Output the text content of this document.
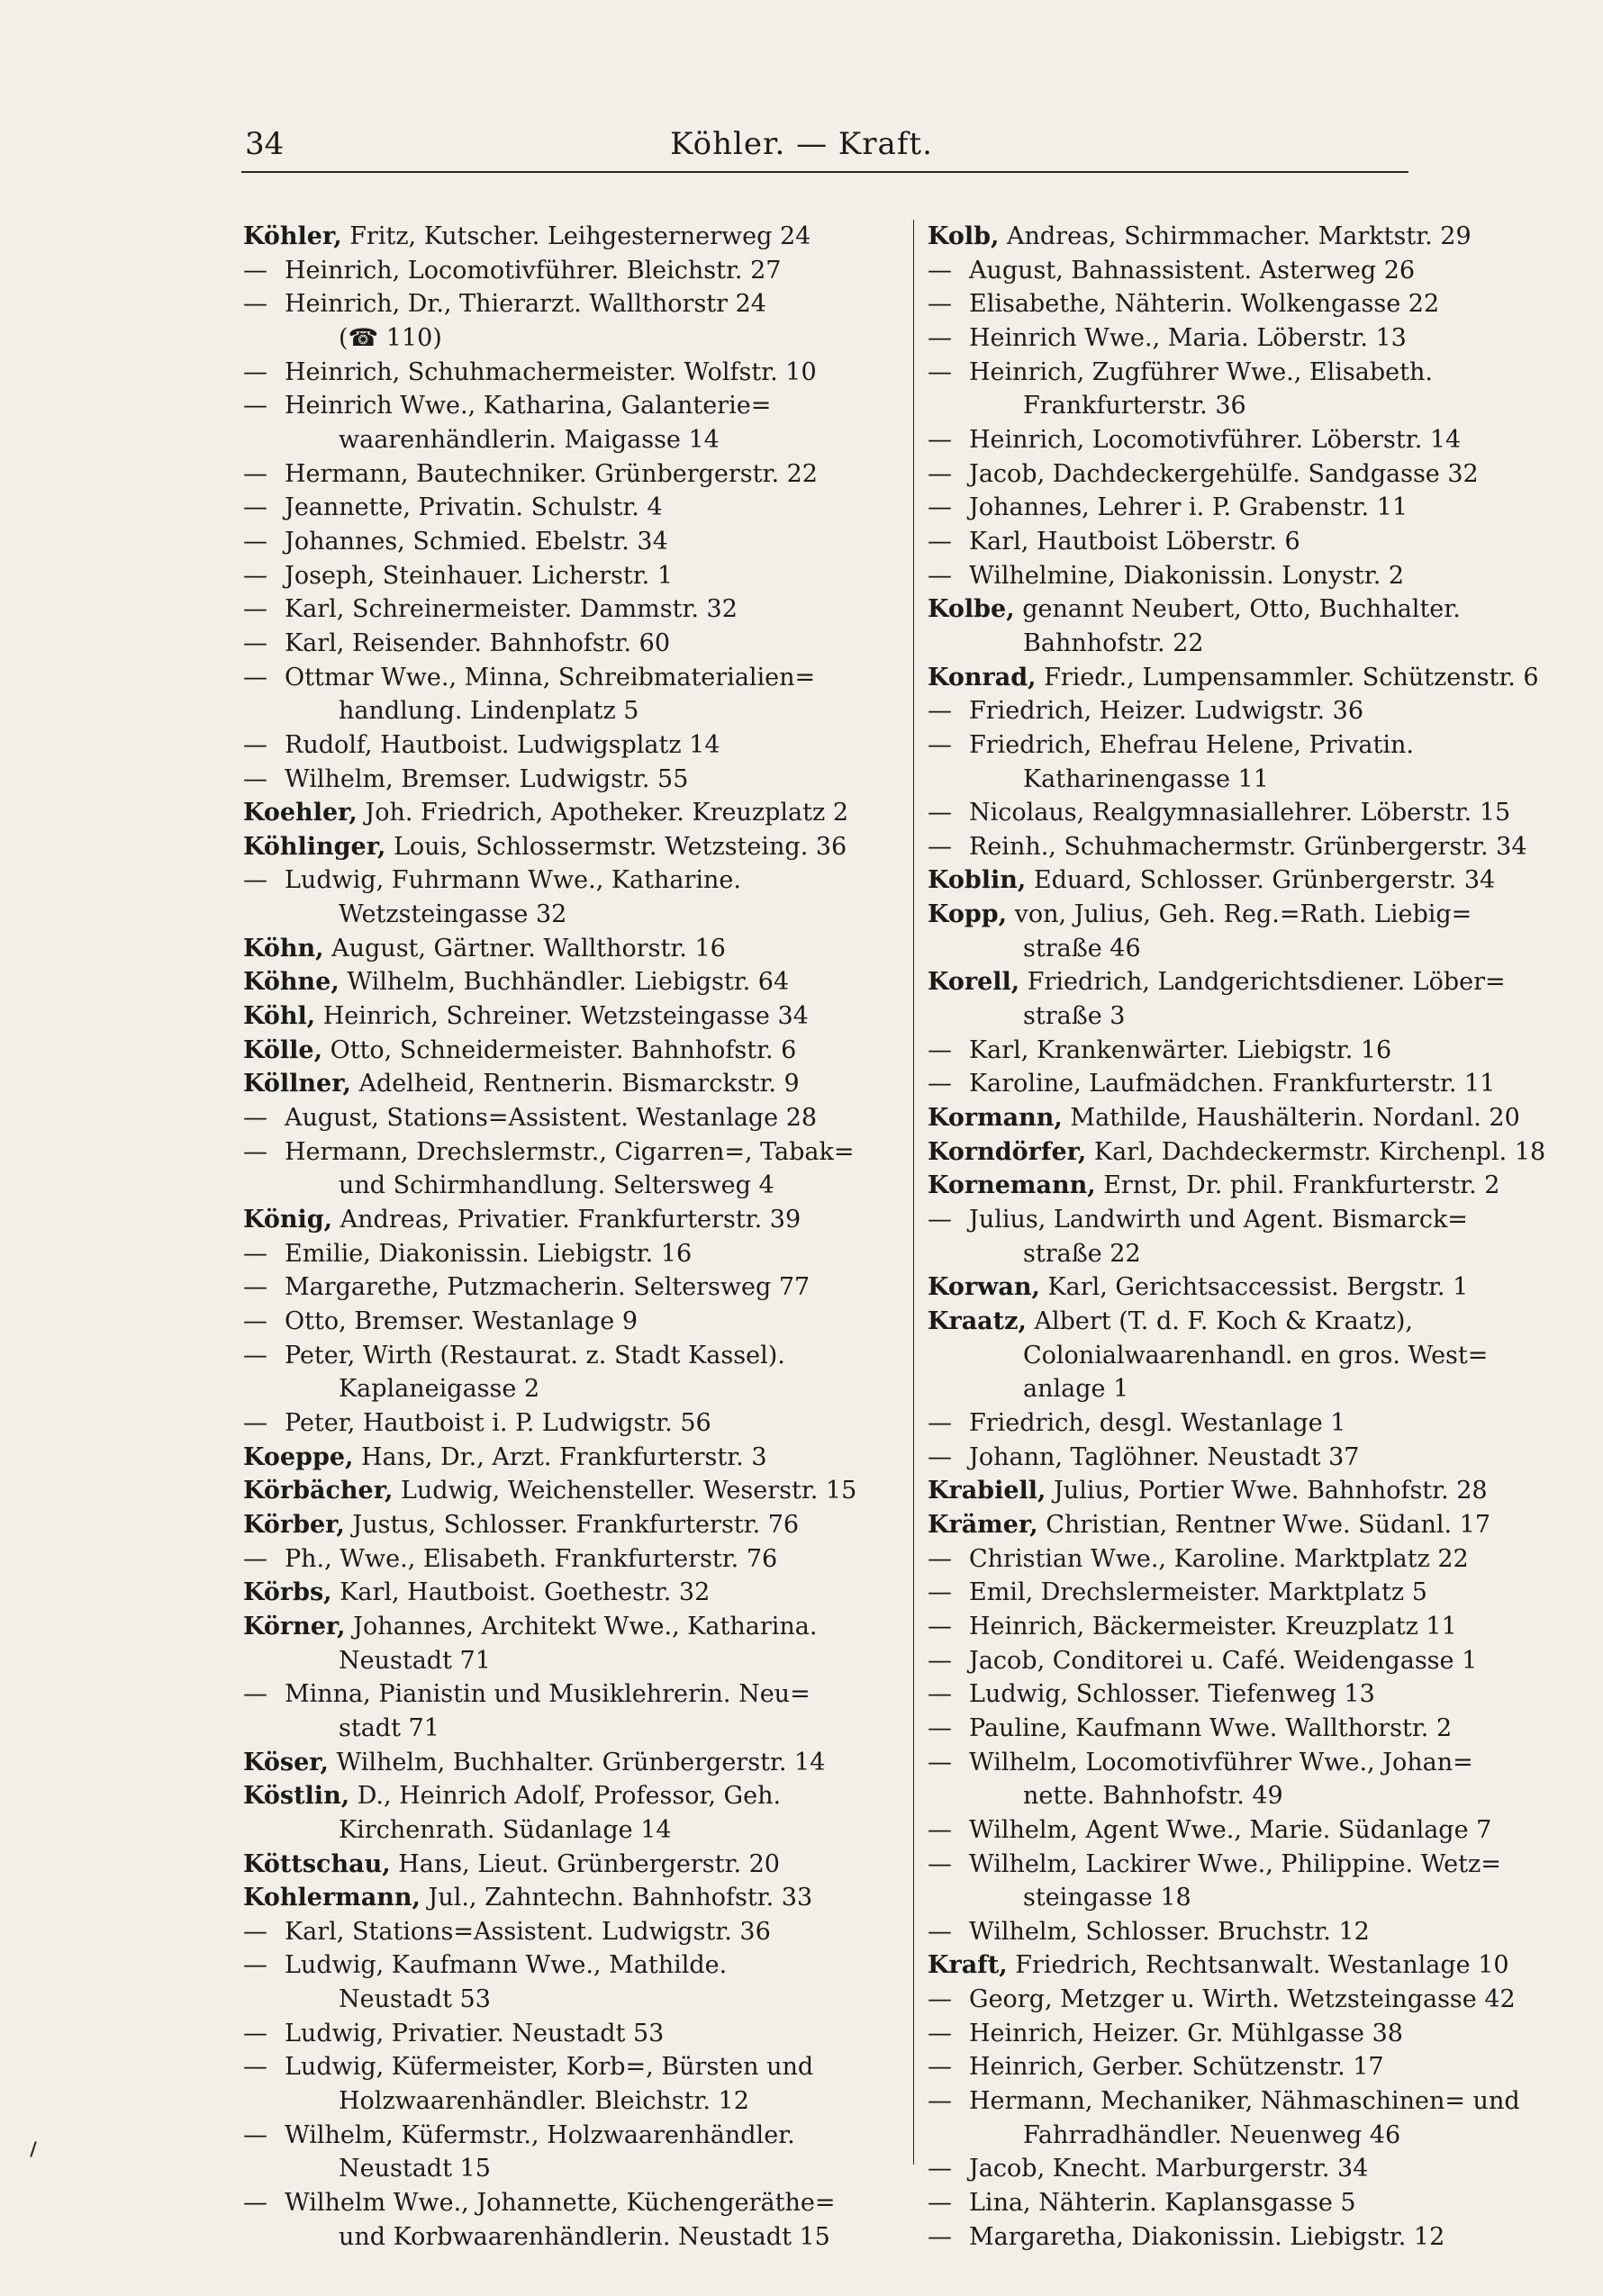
34	Köhler. — Kraft.
Köhler, Fritz, Kutscher. Leihgesternerweg 24
— Heinrich, Locomotivführer. Bleichstr. 27
— Heinrich, Dr., Thierarzt. Wallthorstr 24
(☎ 110)
— Heinrich, Schuhmachermeister. Wolfstr. 10
— Heinrich Wwe., Katharina, Galanterie=
waarenhändlerin. Maigasse 14
— Hermann, Bautechniker. Grünbergerstr. 22
— Jeannette, Privatin. Schulstr. 4
— Johannes, Schmied. Ebelstr. 34
— Joseph, Steinhauer. Licherstr. 1
— Karl, Schreinermeister. Dammstr. 32
— Karl, Reisender. Bahnhofstr. 60
— Ottmar Wwe., Minna, Schreibmaterialien=
handlung. Lindenplatz 5
— Rudolf, Hautboist. Ludwigsplatz 14
— Wilhelm, Bremser. Ludwigstr. 55
Koehler, Joh. Friedrich, Apotheker. Kreuzplatz 2
Köhlinger, Louis, Schlossermstr. Wetzsteing. 36
— Ludwig, Fuhrmann Wwe., Katharine.
Wetzsteingasse 32
Köhn, August, Gärtner. Wallthorstr. 16
Köhne, Wilhelm, Buchhändler. Liebigstr. 64
Köhl, Heinrich, Schreiner. Wetzsteingasse 34
Kölle, Otto, Schneidermeister. Bahnhofstr. 6
Köllner, Adelheid, Rentnerin. Bismarckstr. 9
— August, Stations=Assistent. Westanlage 28
— Hermann, Drechslermstr., Cigarren=, Tabak=
und Schirmhandlung. Seltersweg 4
König, Andreas, Privatier. Frankfurterstr. 39
— Emilie, Diakonissin. Liebigstr. 16
— Margarethe, Putzmacherin. Seltersweg 77
— Otto, Bremser. Westanlage 9
— Peter, Wirth (Restaurat. z. Stadt Kassel).
Kaplaneigasse 2
— Peter, Hautboist i. P. Ludwigstr. 56
Koeppe, Hans, Dr., Arzt. Frankfurterstr. 3
Körbächer, Ludwig, Weichensteller. Weserstr. 15
Körber, Justus, Schlosser. Frankfurterstr. 76
— Ph., Wwe., Elisabeth. Frankfurterstr. 76
Körbs, Karl, Hautboist. Goethestr. 32
Körner, Johannes, Architekt Wwe., Katharina.
Neustadt 71
— Minna, Pianistin und Musiklehrerin. Neu=
stadt 71
Köser, Wilhelm, Buchhalter. Grünbergerstr. 14
Köstlin, D., Heinrich Adolf, Professor, Geh.
Kirchenrath. Südanlage 14
Köttschau, Hans, Lieut. Grünbergerstr. 20
Kohlermann, Jul., Zahntechn. Bahnhofstr. 33
— Karl, Stations=Assistent. Ludwigstr. 36
— Ludwig, Kaufmann Wwe., Mathilde.
Neustadt 53
— Ludwig, Privatier. Neustadt 53
— Ludwig, Küfermeister, Korb=, Bürsten und
Holzwaarenhändler. Bleichstr. 12
— Wilhelm, Küfermstr., Holzwaarenhändler.
Neustadt 15
— Wilhelm Wwe., Johannette, Küchengeräthe=
und Korbwaarenhändlerin. Neustadt 15
Kolb, Andreas, Schirmmacher. Marktstr. 29
— August, Bahnassistent. Asterweg 26
— Elisabethe, Nähterin. Wolkengasse 22
— Heinrich Wwe., Maria. Löberstr. 13
— Heinrich, Zugführer Wwe., Elisabeth.
Frankfurterstr. 36
— Heinrich, Locomotivführer. Löberstr. 14
— Jacob, Dachdeckergehülfe. Sandgasse 32
— Johannes, Lehrer i. P. Grabenstr. 11
— Karl, Hautboist Löberstr. 6
— Wilhelmine, Diakonissin. Lonystr. 2
Kolbe, genannt Neubert, Otto, Buchhalter.
Bahnhofstr. 22
Konrad, Friedr., Lumpensammler. Schützenstr. 6
— Friedrich, Heizer. Ludwigstr. 36
— Friedrich, Ehefrau Helene, Privatin.
Katharinengasse 11
— Nicolaus, Realgymnasiallehrer. Löberstr. 15
— Reinh., Schuhmachermstr. Grünbergerstr. 34
Koblin, Eduard, Schlosser. Grünbergerstr. 34
Kopp, von, Julius, Geh. Reg.=Rath. Liebig=
straße 46
Korell, Friedrich, Landgerichtsdiener. Löber=
straße 3
— Karl, Krankenwärter. Liebigstr. 16
— Karoline, Laufmädchen. Frankfurterstr. 11
Kormann, Mathilde, Haushälterin. Nordanl. 20
Korndörfer, Karl, Dachdeckermstr. Kirchenpl. 18
Kornemann, Ernst, Dr. phil. Frankfurterstr. 2
— Julius, Landwirth und Agent. Bismarck=
straße 22
Korwan, Karl, Gerichtsaccessist. Bergstr. 1
Kraatz, Albert (T. d. F. Koch & Kraatz),
Colonialwaarenhandl. en gros. West=
anlage 1
— Friedrich, desgl. Westanlage 1
— Johann, Taglöhner. Neustadt 37
Krabiell, Julius, Portier Wwe. Bahnhofstr. 28
Krämer, Christian, Rentner Wwe. Südanl. 17
— Christian Wwe., Karoline. Marktplatz 22
— Emil, Drechslermeister. Marktplatz 5
— Heinrich, Bäckermeister. Kreuzplatz 11
— Jacob, Conditorei u. Café. Weidengasse 1
— Ludwig, Schlosser. Tiefenweg 13
— Pauline, Kaufmann Wwe. Wallthorstr. 2
— Wilhelm, Locomotivführer Wwe., Johan=
nette. Bahnhofstr. 49
— Wilhelm, Agent Wwe., Marie. Südanlage 7
— Wilhelm, Lackirer Wwe., Philippine. Wetz=
steingasse 18
— Wilhelm, Schlosser. Bruchstr. 12
Kraft, Friedrich, Rechtsanwalt. Westanlage 10
— Georg, Metzger u. Wirth. Wetzsteingasse 42
— Heinrich, Heizer. Gr. Mühlgasse 38
— Heinrich, Gerber. Schützenstr. 17
— Hermann, Mechaniker, Nähmaschinen= und
Fahrradhändler. Neuenweg 46
— Jacob, Knecht. Marburgerstr. 34
— Lina, Nähterin. Kaplansgasse 5
— Margaretha, Diakonissin. Liebigstr. 12
